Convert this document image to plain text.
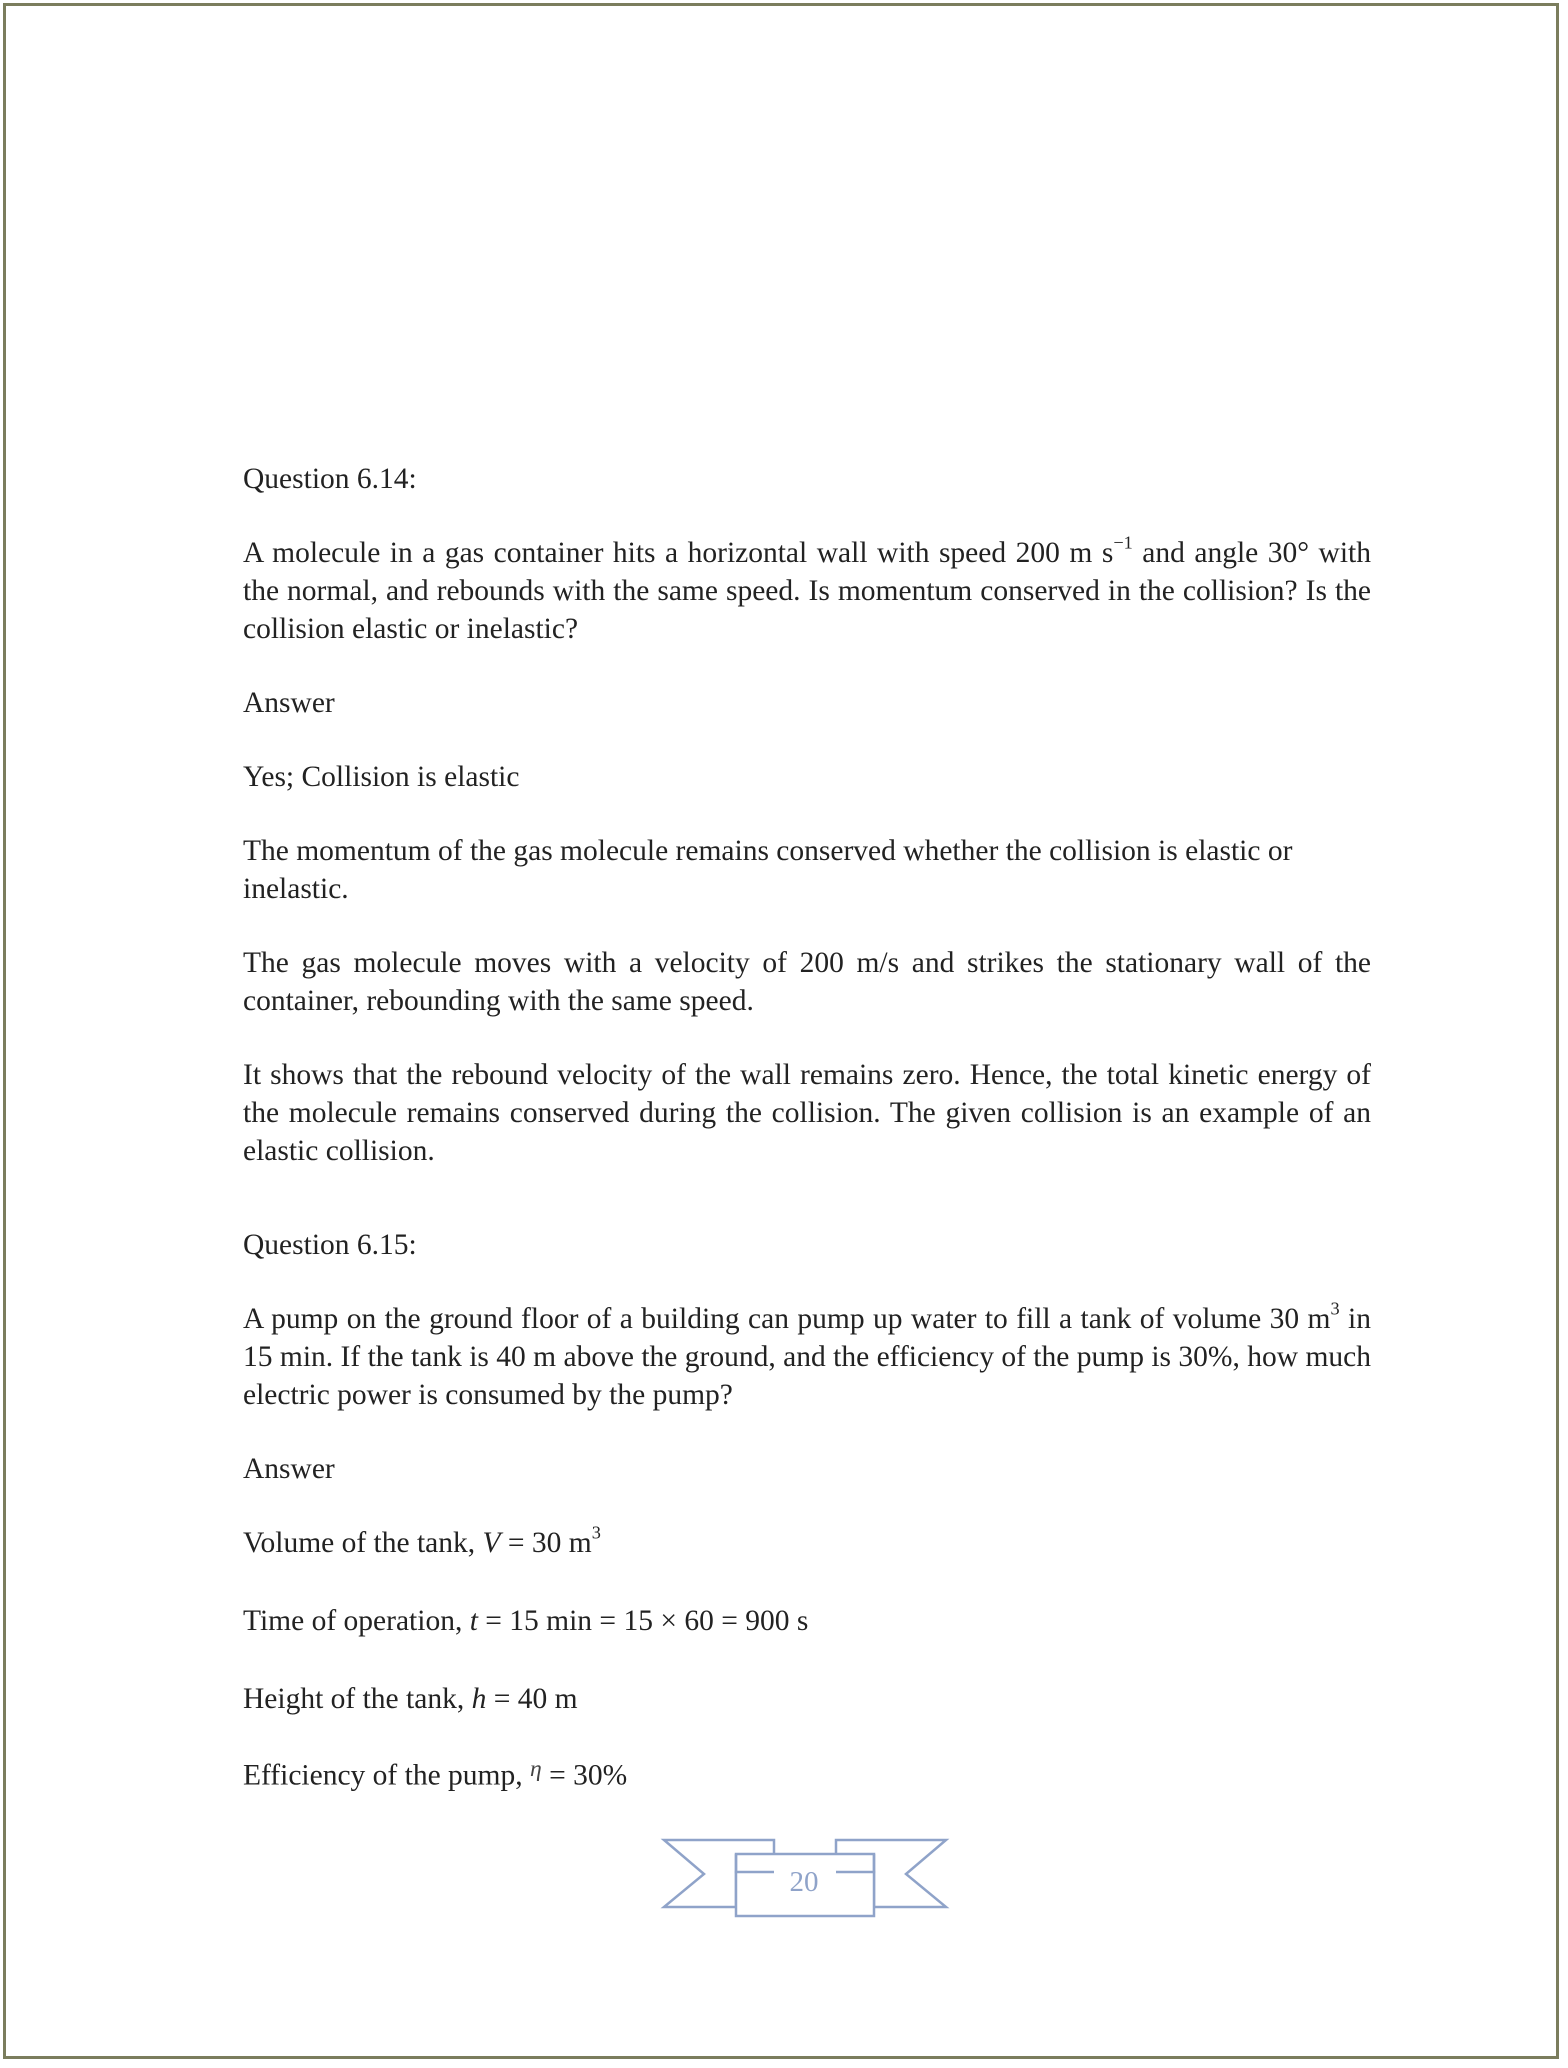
Question 6.14:

A molecule in a gas container hits a horizontal wall with speed 200 m $s^{-1}$ and angle 30° with the normal, and rebounds with the same speed. Is momentum conserved in the collision? Is the collision elastic or inelastic?

Answer

Yes; Collision is elastic

The momentum of the gas molecule remains conserved whether the collision is elastic or inelastic.

The gas molecule moves with a velocity of 200 m/s and strikes the stationary wall of the container, rebounding with the same speed.

It shows that the rebound velocity of the wall remains zero. Hence, the total kinetic energy of the molecule remains conserved during the collision. The given collision is an example of an elastic collision.

Question 6.15:

A pump on the ground floor of a building can pump up water to fill a tank of volume 30 $m^3$ in 15 min. If the tank is 40 m above the ground, and the efficiency of the pump is 30%, how much electric power is consumed by the pump?

Answer

Volume of the tank, V = 30 $m^3$

Time of operation, t = 15 min = 15 × 60 = 900 s

Height of the tank, h = 40 m

Efficiency of the pump, $^\eta$ = 30%

20
